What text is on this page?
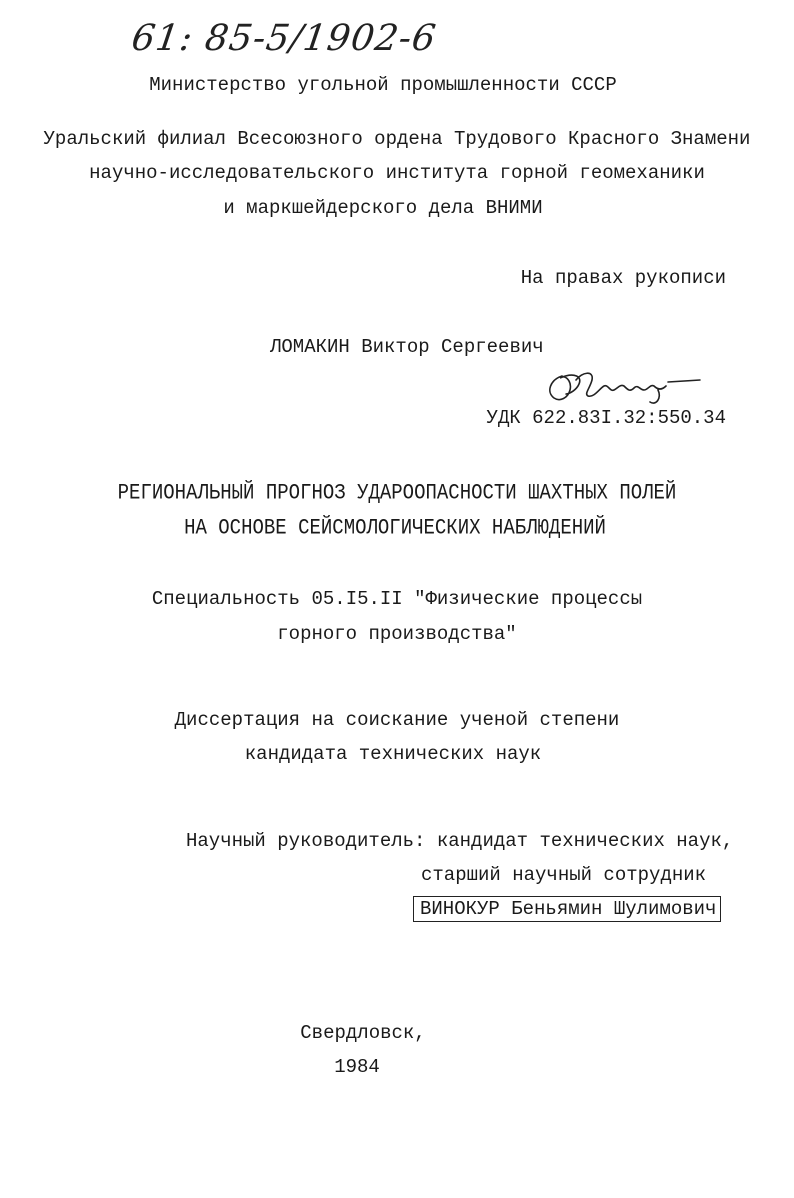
61: 85-5/1902-6
Министерство угольной промышленности СССР
Уральский филиал Всесоюзного ордена Трудового Красного Знамени
научно-исследовательского института горной геомеханики
и маркшейдерского дела ВНИМИ
На правах рукописи
ЛОМАКИН Виктор Сергеевич
УДК 622.83I.32:550.34
РЕГИОНАЛЬНЫЙ ПРОГНОЗ УДАРООПАСНОСТИ ШАХТНЫХ ПОЛЕЙ
НА ОСНОВЕ СЕЙСМОЛОГИЧЕСКИХ НАБЛЮДЕНИЙ
Специальность 05.I5.II "Физические процессы
горного производства"
Диссертация на соискание ученой степени
кандидата технических наук
Научный руководитель: кандидат технических наук,
старший научный сотрудник
ВИНОКУР Беньямин Шулимович
Свердловск,
1984
